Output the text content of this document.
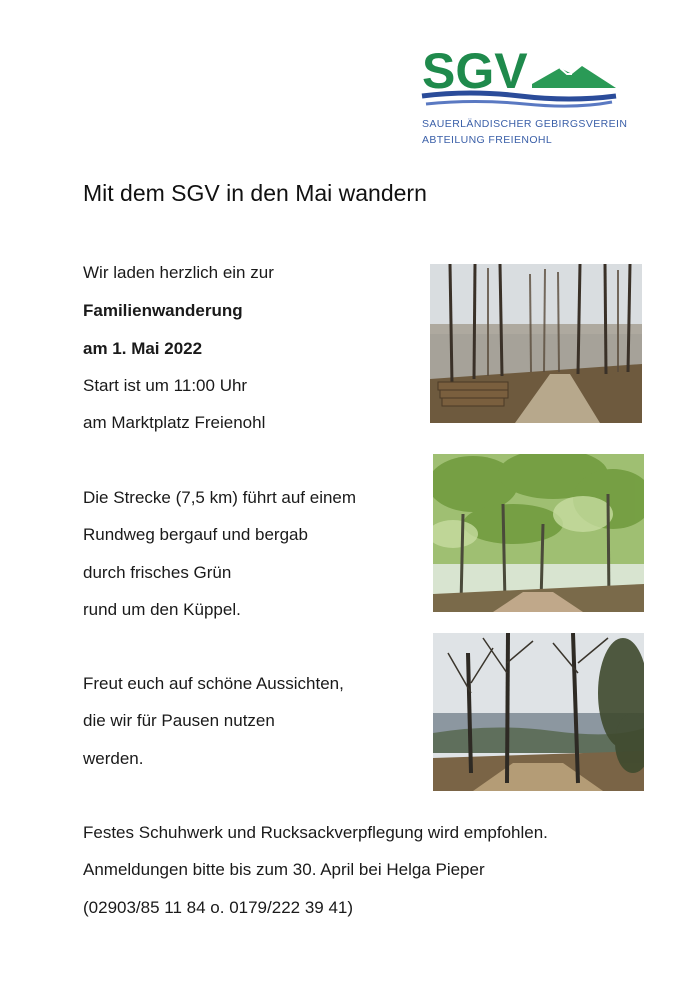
SGV
SAUERLÄNDISCHER GEBIRGSVEREIN
ABTEILUNG FREIENOHL
Mit dem SGV in den Mai wandern
Wir laden herzlich ein zur
Familienwanderung
am 1. Mai 2022
Start ist um 11:00 Uhr
am Marktplatz Freienohl
Die Strecke (7,5 km) führt auf einem
Rundweg bergauf und bergab
durch frisches Grün
rund um den Küppel.
Freut euch auf schöne Aussichten,
die wir für Pausen nutzen
werden.
Festes Schuhwerk und Rucksackverpflegung wird empfohlen.
Anmeldungen bitte bis zum 30. April bei Helga Pieper
(02903/85 11 84 o. 0179/222 39 41)
